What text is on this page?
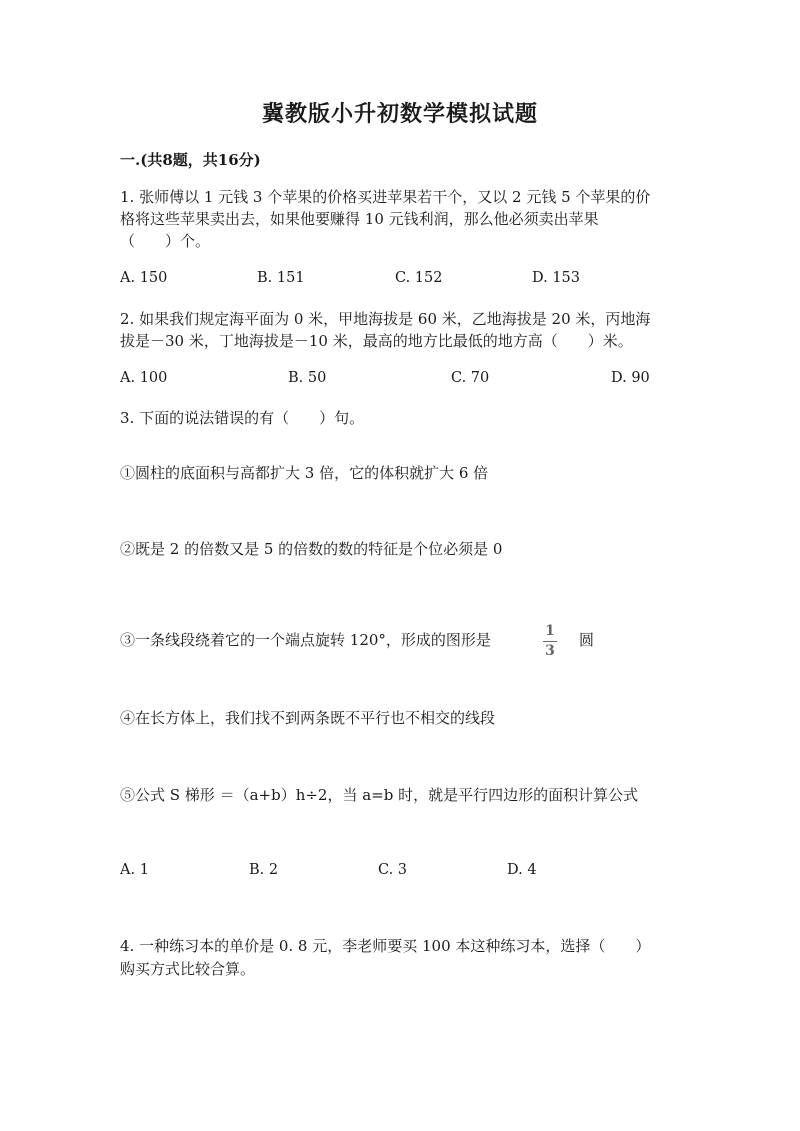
冀教版小升初数学模拟试题
一.(共8题，共16分)
1. 张师傅以 1 元钱 3 个苹果的价格买进苹果若干个，又以 2 元钱 5 个苹果的价
格将这些苹果卖出去，如果他要赚得 10 元钱利润，那么他必须卖出苹果
（　　）个。
A. 150	B. 151	C. 152	D. 153
2. 如果我们规定海平面为 0 米，甲地海拔是 60 米，乙地海拔是 20 米，丙地海
拔是－30 米，丁地海拔是－10 米，最高的地方比最低的地方高（　　）米。
A. 100	B. 50	C. 70	D. 90
3. 下面的说法错误的有（　　）句。
①圆柱的底面积与高都扩大 3 倍，它的体积就扩大 6 倍
②既是 2 的倍数又是 5 的倍数的数的特征是个位必须是 0
③一条线段绕着它的一个端点旋转 120°，形成的图形是	1
3
圆
④在长方体上，我们找不到两条既不平行也不相交的线段
⑤公式 S 梯形 ＝（a+b）h÷2，当 a=b 时，就是平行四边形的面积计算公式
A. 1	B. 2	C. 3	D. 4
4. 一种练习本的单价是 0. 8 元，李老师要买 100 本这种练习本，选择（　　）
购买方式比较合算。
